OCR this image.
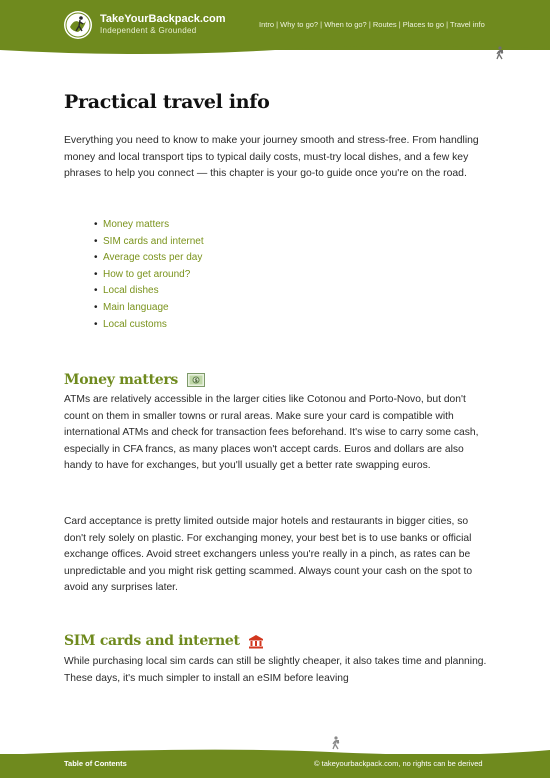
TakeYourBackpack.com
Independent & Grounded
Intro | Why to go? | When to go? | Routes | Places to go | Travel info
Practical travel info

Everything you need to know to make your journey smooth and stress-free. From handling money and local transport tips to typical daily costs, must-try local dishes, and a few key phrases to help you connect — this chapter is your go-to guide once you're on the road.

• Money matters
• SIM cards and internet
• Average costs per day
• How to get around?
• Local dishes
• Main language
• Local customs
Money matters	$

ATMs are relatively accessible in the larger cities like Cotonou and Porto-Novo, but don't count on them in smaller towns or rural areas. Make sure your card is compatible with international ATMs and check for transaction fees beforehand. It's wise to carry some cash, especially in CFA francs, as many places won't accept cards. Euros and dollars are also handy to have for exchanges, but you'll usually get a better rate swapping euros.

Card acceptance is pretty limited outside major hotels and restaurants in bigger cities, so don't rely solely on plastic. For exchanging money, your best bet is to use banks or official exchange offices. Avoid street exchangers unless you're really in a pinch, as rates can be unpredictable and you might risk getting scammed. Always count your cash on the spot to avoid any surprises later.

SIM cards and internet

While purchasing local sim cards can still be slightly cheaper, it also takes time and planning. These days, it's much simpler to install an eSIM before leaving

Table of Contents	© takeyourbackpack.com, no rights can be derived
